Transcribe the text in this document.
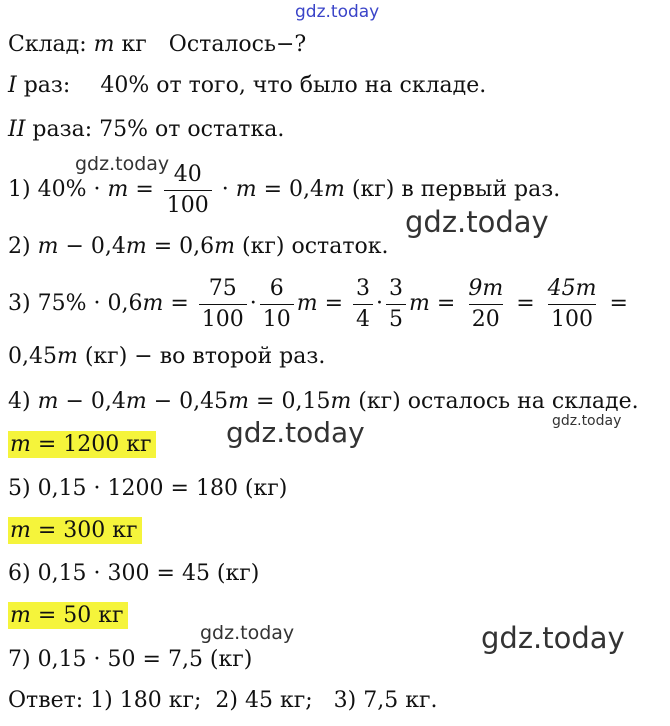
gdz.today
gdz.today
gdz.today
gdz.today
gdz.today
gdz.today	gdz.today
Склад: m кг Осталось−?
I раз: 40% от того, что было на складе.
II раза: 75% от остатка.
1) $40\% \cdot m = \frac{40}{100} \cdot m = 0,4m$ (кг) в первый раз.
2) m − 0,4m = 0,6m (кг) остаток.
3) $75\% \cdot 0,6m = \frac{75}{100} \cdot \frac{6}{10}$ $m = \frac{3}{4} \cdot \frac{3}{5}$ $m = \frac{9m}{20} = \frac{45m}{100}$ =
0,45m (кг) − во второй раз.
4) m − 0,4m − 0,45m = 0,15m (кг) осталось на складе.
m = 1200 кг
5) 0,15 · 1200 = 180 (кг)
m = 300 кг
6) 0,15 · 300 = 45 (кг)
m = 50 кг
7) 0,15 · 50 = 7,5 (кг)
Ответ: 1) 180 кг;  2) 45 кг;   3) 7,5 кг.
